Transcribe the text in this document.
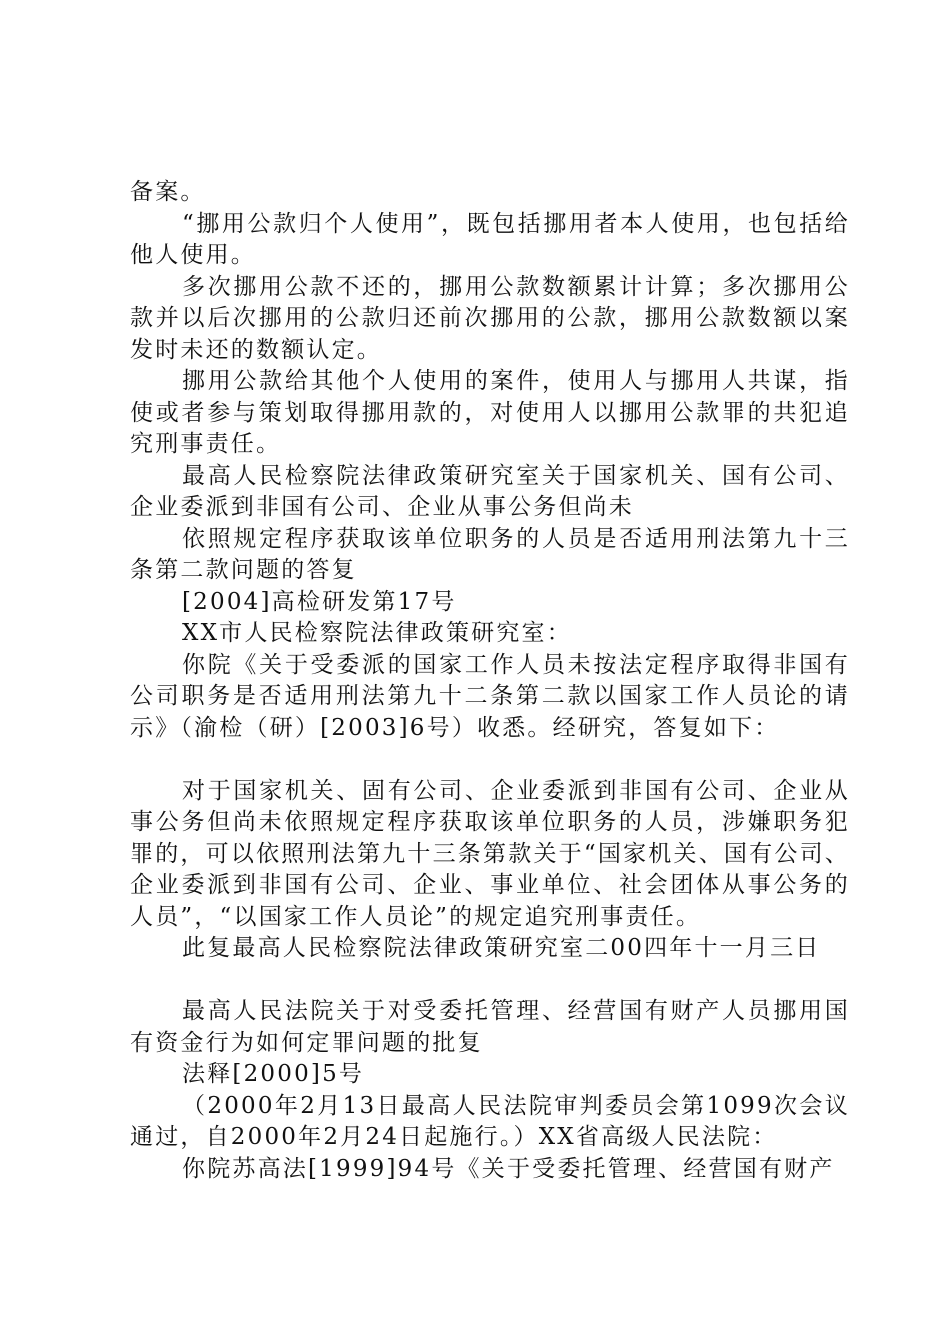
备案。

“挪用公款归个人使用”，既包括挪用者本人使用，也包括给他人使用。

多次挪用公款不还的，挪用公款数额累计计算；多次挪用公款并以后次挪用的公款归还前次挪用的公款，挪用公款数额以案发时未还的数额认定。

挪用公款给其他个人使用的案件，使用人与挪用人共谋，指使或者参与策划取得挪用款的，对使用人以挪用公款罪的共犯追究刑事责任。

最高人民检察院法律政策研究室关于国家机关、国有公司、企业委派到非国有公司、企业从事公务但尚未

依照规定程序获取该单位职务的人员是否适用刑法第九十三条第二款问题的答复

[2004]高检研发第17号

XX市人民检察院法律政策研究室：

你院《关于受委派的国家工作人员未按法定程序取得非国有公司职务是否适用刑法第九十二条第二款以国家工作人员论的请示》（渝检（研）[2003]6号）收悉。经研究，答复如下：

对于国家机关、固有公司、企业委派到非国有公司、企业从事公务但尚未依照规定程序获取该单位职务的人员，涉嫌职务犯罪的，可以依照刑法第九十三条第款关于“国家机关、国有公司、企业委派到非国有公司、企业、事业单位、社会团体从事公务的人员”，“以国家工作人员论”的规定追究刑事责任。

此复最高人民检察院法律政策研究室二00四年十一月三日

最高人民法院关于对受委托管理、经营国有财产人员挪用国有资金行为如何定罪问题的批复

法释[2000]5号

（2000年2月13日最高人民法院审判委员会第1099次会议通过，自2000年2月24日起施行。）XX省高级人民法院：

你院苏高法[1999]94号《关于受委托管理、经营国有财产
